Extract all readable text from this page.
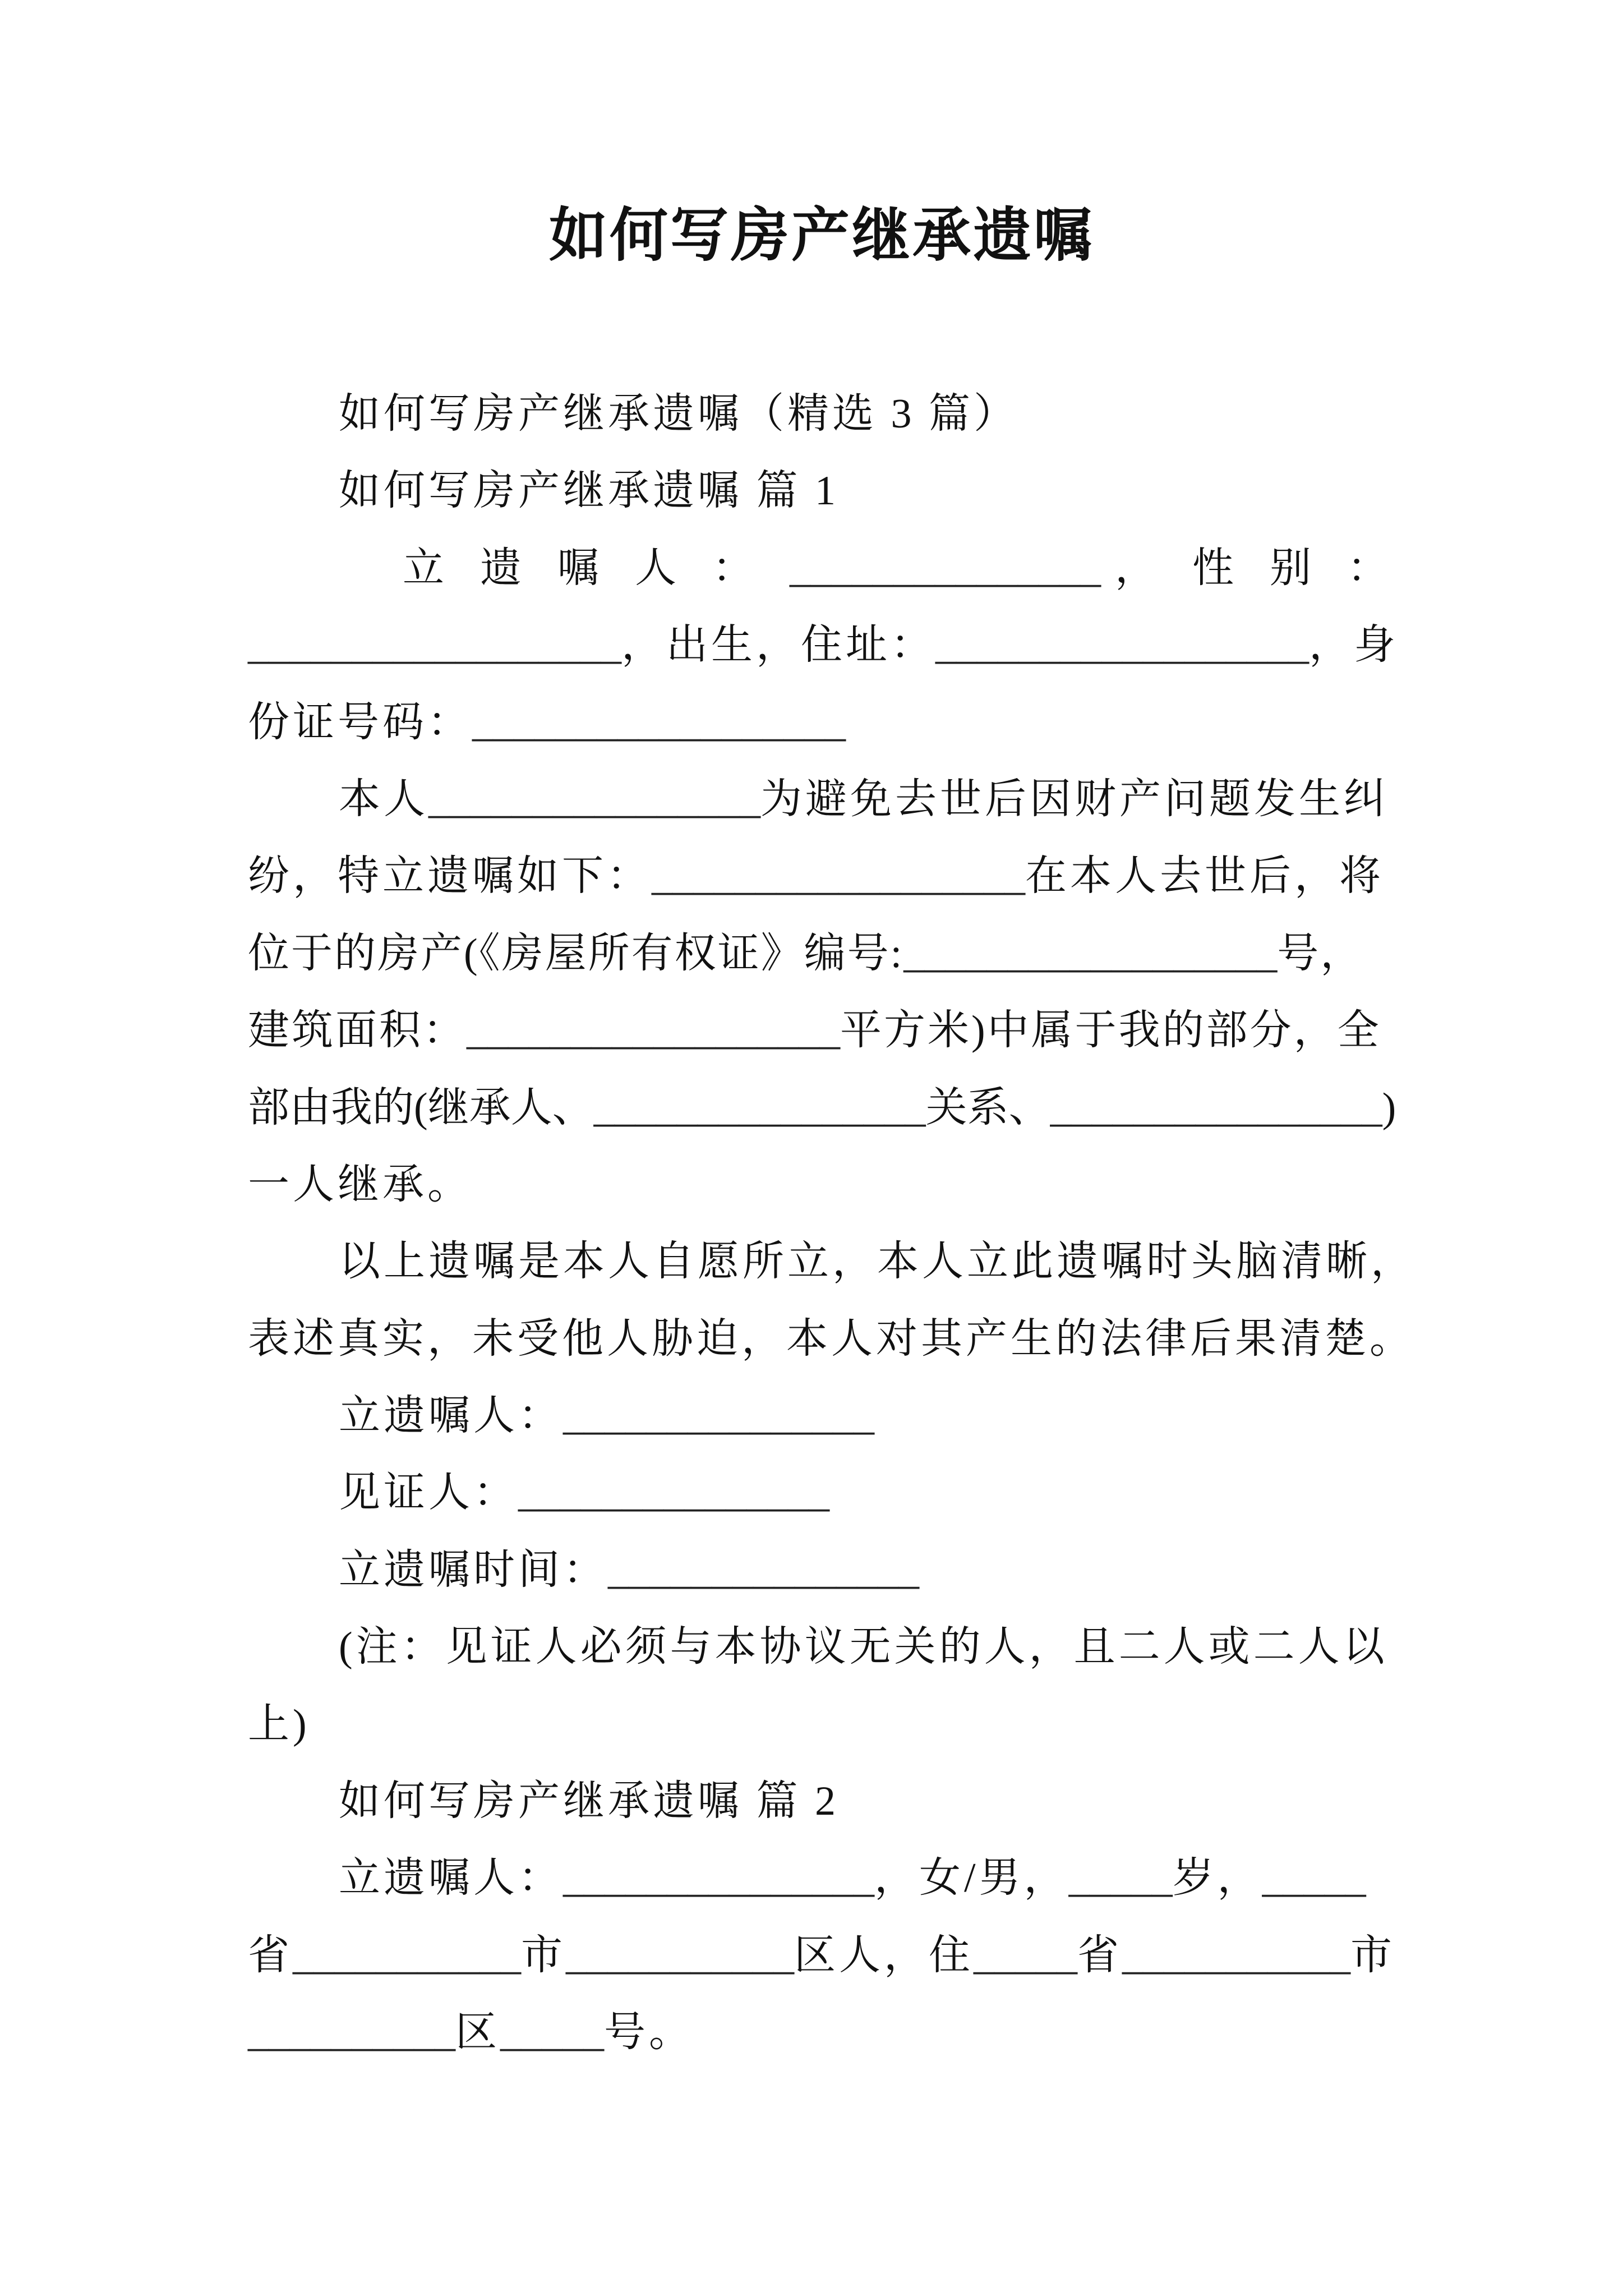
如何写房产继承遗嘱
如何写房产继承遗嘱（精选 3 篇）
如何写房产继承遗嘱 篇 1
立遗嘱人：_______________ ，性别：
__________________，出生，住址：__________________，身
份证号码：__________________
本人________________为避免去世后因财产问题发生纠
纷，特立遗嘱如下：__________________在本人去世后，将
位于的房产(《房屋所有权证》编号:__________________号，
建筑面积：__________________平方米)中属于我的部分，全
部由我的(继承人、________________关系、________________)
一人继承。
以上遗嘱是本人自愿所立，本人立此遗嘱时头脑清晰，
表述真实，未受他人胁迫，本人对其产生的法律后果清楚。
立遗嘱人：_______________
见证人：_______________
立遗嘱时间：_______________
(注：见证人必须与本协议无关的人，且二人或二人以
上)
如何写房产继承遗嘱 篇 2
立遗嘱人：_______________，女/男，_____岁，_____
省___________市___________区人，住_____省___________市
__________区_____号。
